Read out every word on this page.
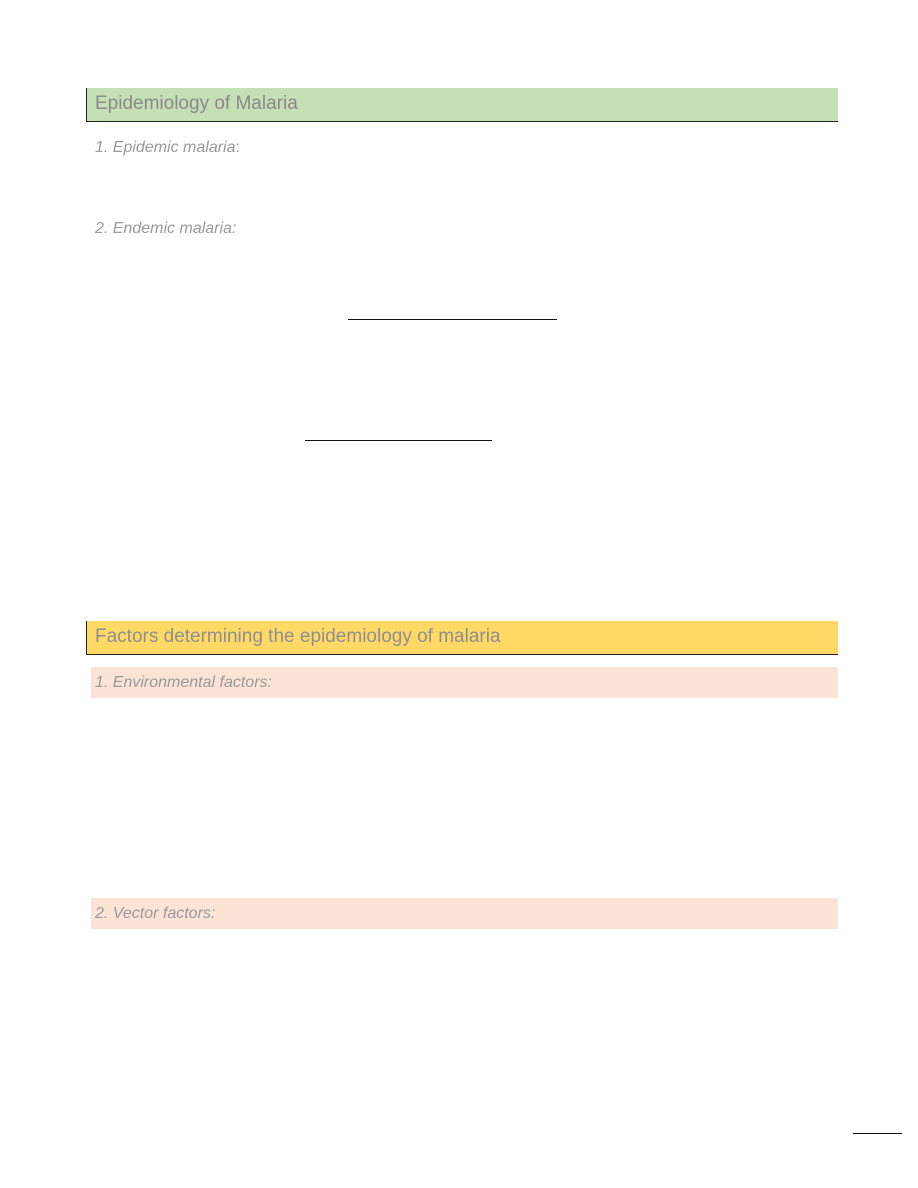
Epidemiology of Malaria
1. Epidemic malaria:
2. Endemic malaria:
Factors determining the epidemiology of malaria
1. Environmental factors:
2. Vector factors:
